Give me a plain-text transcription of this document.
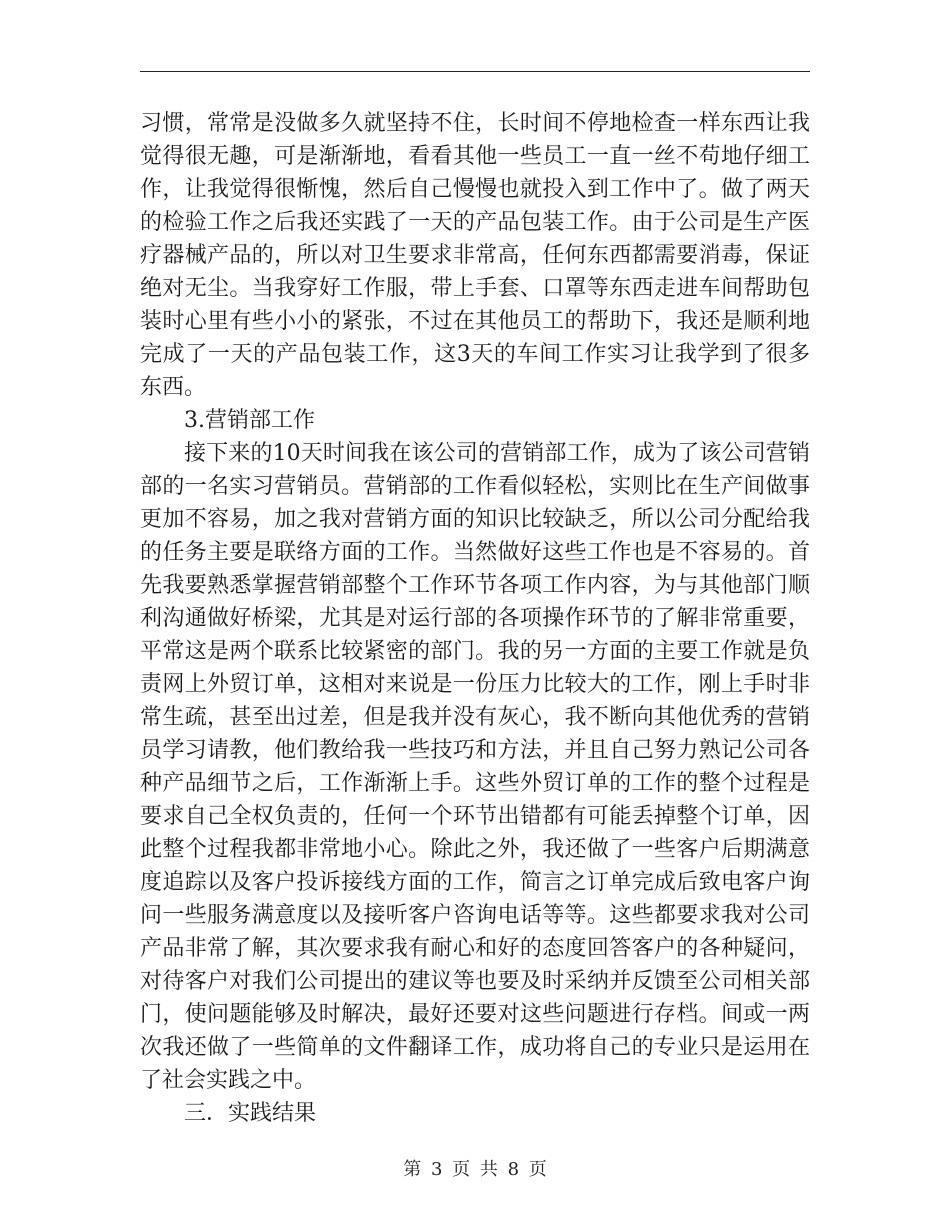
习惯，常常是没做多久就坚持不住，长时间不停地检查一样东西让我
觉得很无趣，可是渐渐地，看看其他一些员工一直一丝不苟地仔细工
作，让我觉得很惭愧，然后自己慢慢也就投入到工作中了。做了两天
的检验工作之后我还实践了一天的产品包装工作。由于公司是生产医
疗器械产品的，所以对卫生要求非常高，任何东西都需要消毒，保证
绝对无尘。当我穿好工作服，带上手套、口罩等东西走进车间帮助包
装时心里有些小小的紧张，不过在其他员工的帮助下，我还是顺利地
完成了一天的产品包装工作，这3天的车间工作实习让我学到了很多
东西。
3.营销部工作
接下来的10天时间我在该公司的营销部工作，成为了该公司营销
部的一名实习营销员。营销部的工作看似轻松，实则比在生产间做事
更加不容易，加之我对营销方面的知识比较缺乏，所以公司分配给我
的任务主要是联络方面的工作。当然做好这些工作也是不容易的。首
先我要熟悉掌握营销部整个工作环节各项工作内容，为与其他部门顺
利沟通做好桥梁，尤其是对运行部的各项操作环节的了解非常重要，
平常这是两个联系比较紧密的部门。我的另一方面的主要工作就是负
责网上外贸订单，这相对来说是一份压力比较大的工作，刚上手时非
常生疏，甚至出过差，但是我并没有灰心，我不断向其他优秀的营销
员学习请教，他们教给我一些技巧和方法，并且自己努力熟记公司各
种产品细节之后，工作渐渐上手。这些外贸订单的工作的整个过程是
要求自己全权负责的，任何一个环节出错都有可能丢掉整个订单，因
此整个过程我都非常地小心。除此之外，我还做了一些客户后期满意
度追踪以及客户投诉接线方面的工作，简言之订单完成后致电客户询
问一些服务满意度以及接听客户咨询电话等等。这些都要求我对公司
产品非常了解，其次要求我有耐心和好的态度回答客户的各种疑问，
对待客户对我们公司提出的建议等也要及时采纳并反馈至公司相关部
门，使问题能够及时解决，最好还要对这些问题进行存档。间或一两
次我还做了一些简单的文件翻译工作，成功将自己的专业只是运用在
了社会实践之中。
三．实践结果
第 3 页 共 8 页
